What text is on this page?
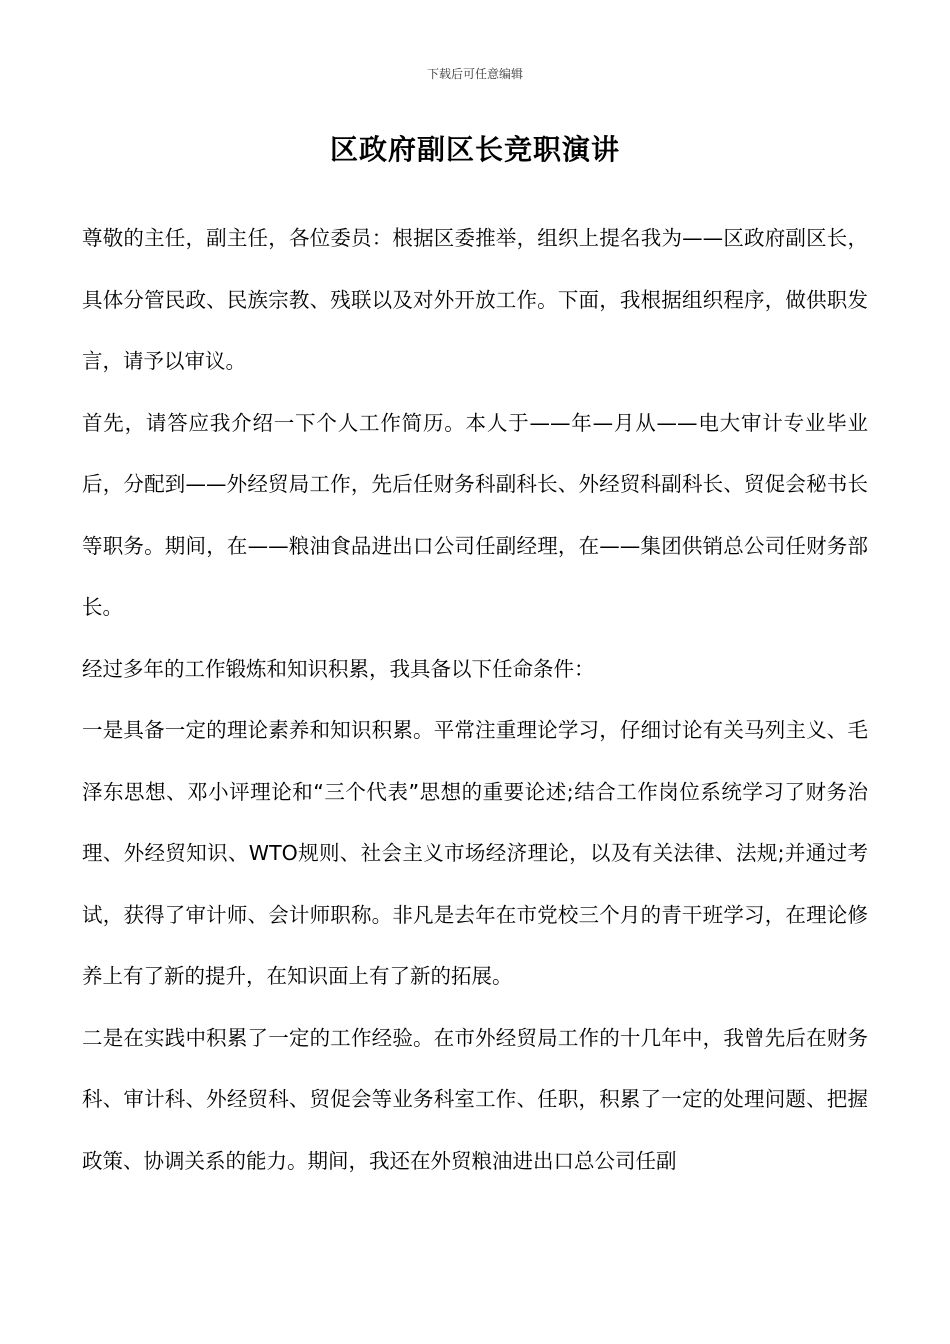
下载后可任意编辑
区政府副区长竞职演讲

尊敬的主任，副主任，各位委员：根据区委推举，组织上提名我为——区政府副区长，具体分管民政、民族宗教、残联以及对外开放工作。下面，我根据组织程序，做供职发言，请予以审议。

首先，请答应我介绍一下个人工作简历。本人于——年—月从——电大审计专业毕业后，分配到——外经贸局工作，先后任财务科副科长、外经贸科副科长、贸促会秘书长等职务。期间，在——粮油食品进出口公司任副经理，在——集团供销总公司任财务部长。

经过多年的工作锻炼和知识积累，我具备以下任命条件：

一是具备一定的理论素养和知识积累。平常注重理论学习，仔细讨论有关马列主义、毛泽东思想、邓小评理论和“三个代表”思想的重要论述;结合工作岗位系统学习了财务治理、外经贸知识、WTO规则、社会主义市场经济理论，以及有关法律、法规;并通过考试，获得了审计师、会计师职称。非凡是去年在市党校三个月的青干班学习，在理论修养上有了新的提升，在知识面上有了新的拓展。

二是在实践中积累了一定的工作经验。在市外经贸局工作的十几年中，我曾先后在财务科、审计科、外经贸科、贸促会等业务科室工作、任职，积累了一定的处理问题、把握政策、协调关系的能力。期间，我还在外贸粮油进出口总公司任副
